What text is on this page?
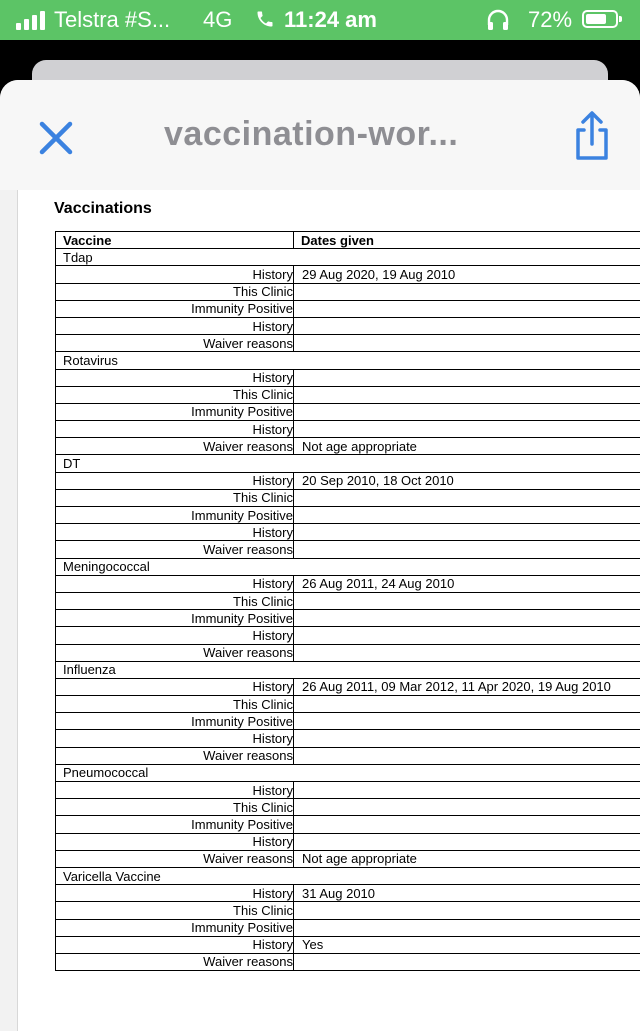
Telstra #S... 4G 11:24 am	72%
vaccination-wor...
Vaccinations
Vaccine	Dates given
Tdap	
History	29 Aug 2020, 19 Aug 2010
This Clinic	
Immunity Positive	
History	
Waiver reasons	
Rotavirus	
History	
This Clinic	
Immunity Positive	
History	
Waiver reasons	Not age appropriate
DT	
History	20 Sep 2010, 18 Oct 2010
This Clinic	
Immunity Positive	
History	
Waiver reasons	
Meningococcal	
History	26 Aug 2011, 24 Aug 2010
This Clinic	
Immunity Positive	
History	
Waiver reasons	
Influenza	
History	26 Aug 2011, 09 Mar 2012, 11 Apr 2020, 19 Aug 2010
This Clinic	
Immunity Positive	
History	
Waiver reasons	
Pneumococcal	
History	
This Clinic	
Immunity Positive	
History	
Waiver reasons	Not age appropriate
Varicella Vaccine	
History	31 Aug 2010
This Clinic	
Immunity Positive	
History	Yes
Waiver reasons	
